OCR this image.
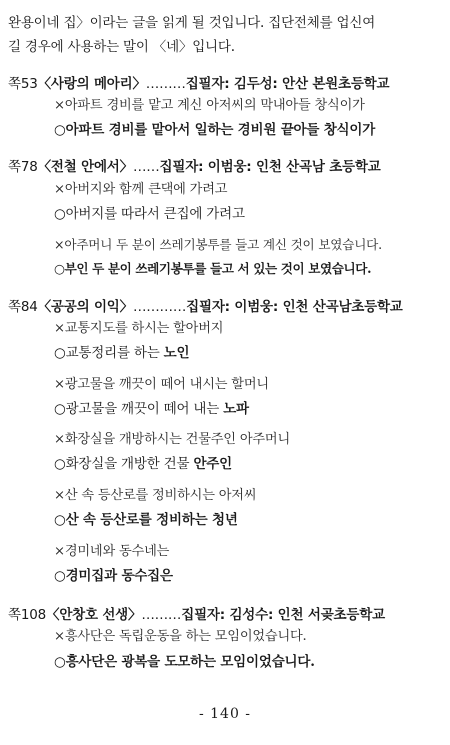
완용이네 집〉이라는 글을 읽게 될 것입니다. 집단전체를 업신여
길 경우에 사용하는 말이 〈네〉입니다.
쪽53〈사랑의 메아리〉………집필자: 김두성: 안산 본원초등학교
×아파트 경비를 맡고 계신 아저씨의 막내아들 창식이가
○아파트 경비를 맡아서 일하는 경비원 끝아들 창식이가
쪽78〈전철 안에서〉……집필자: 이범웅: 인천 산곡남 초등학교
×아버지와 함께 큰댁에 가려고
○아버지를 따라서 큰집에 가려고
×아주머니 두 분이 쓰레기봉투를 들고 계신 것이 보였습니다.
○부인 두 분이 쓰레기봉투를 들고 서 있는 것이 보였습니다.
쪽84〈공공의 이익〉…………집필자: 이범웅: 인천 산곡남초등학교
×교통지도를 하시는 할아버지
○교통정리를 하는 노인
×광고물을 깨끗이 떼어 내시는 할머니
○광고물을 깨끗이 떼어 내는 노파
×화장실을 개방하시는 건물주인 아주머니
○화장실을 개방한 건물 안주인
×산 속 등산로를 정비하시는 아저씨
○산 속 등산로를 정비하는 청년
×경미네와 동수네는
○경미집과 동수집은
쪽108〈안창호 선생〉………집필자: 김성수: 인천 서곶초등학교
×흥사단은 독립운동을 하는 모임이었습니다.
○흥사단은 광복을 도모하는 모임이었습니다.
- 140 -
